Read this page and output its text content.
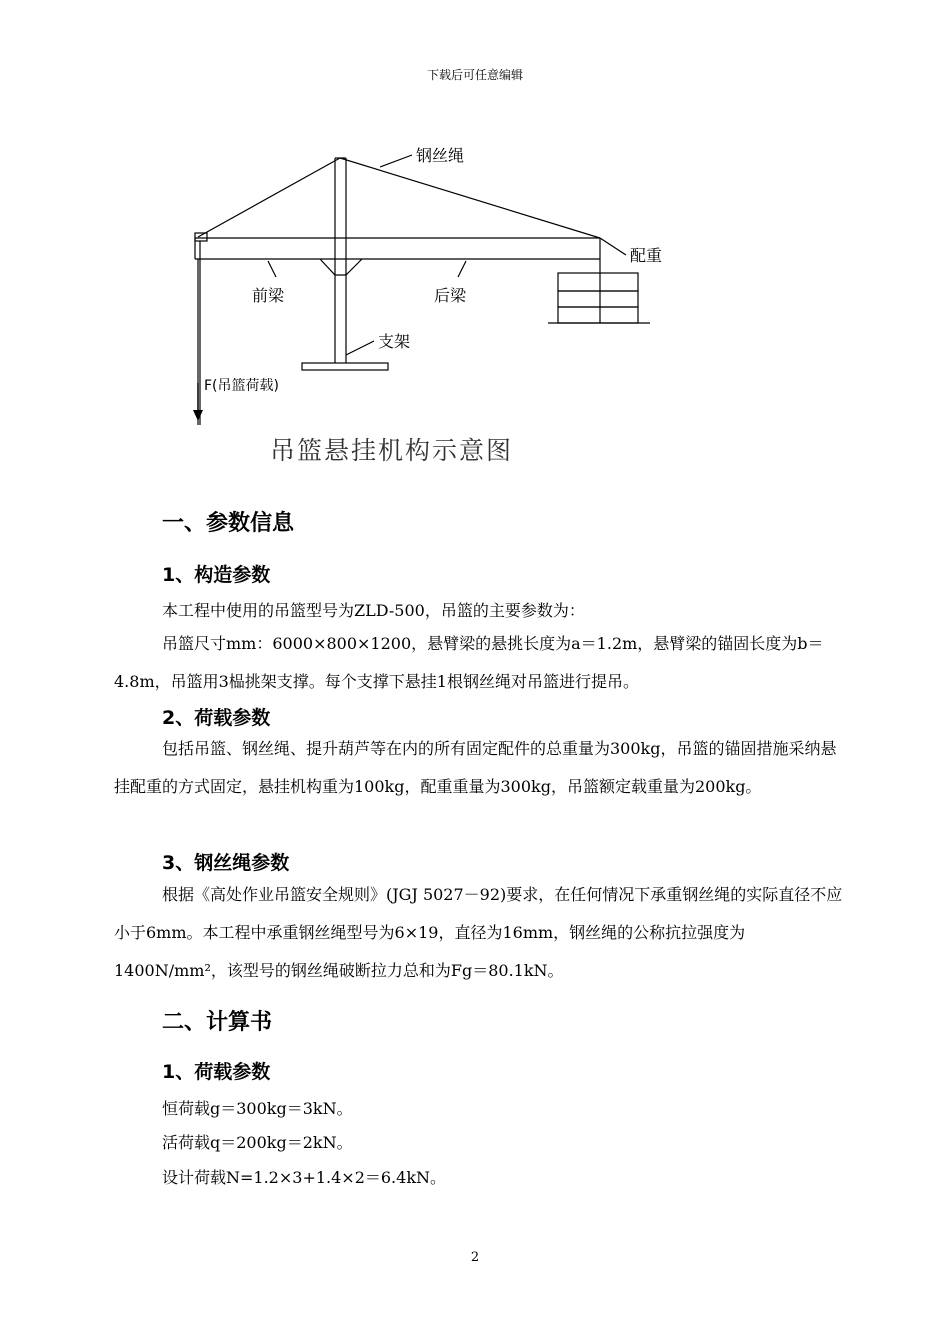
下载后可任意编辑
钢丝绳
配重
前梁	后梁
支架
F(吊篮荷载)
吊篮悬挂机构示意图
一、参数信息
1、构造参数
本工程中使用的吊篮型号为ZLD-500，吊篮的主要参数为：
吊篮尺寸mm：6000×800×1200，悬臂梁的悬挑长度为a＝1.2m，悬臂梁的锚固长度为b＝4.8m，吊篮用3榀挑架支撑。每个支撑下悬挂1根钢丝绳对吊篮进行提吊。
2、荷载参数
包括吊篮、钢丝绳、提升葫芦等在内的所有固定配件的总重量为300kg，吊篮的锚固措施采纳悬挂配重的方式固定，悬挂机构重为100kg，配重重量为300kg，吊篮额定载重量为200kg。
3、钢丝绳参数
根据《高处作业吊篮安全规则》(JGJ 5027－92)要求，在任何情况下承重钢丝绳的实际直径不应小于6mm。本工程中承重钢丝绳型号为6×19，直径为16mm，钢丝绳的公称抗拉强度为1400N/mm²，该型号的钢丝绳破断拉力总和为Fg＝80.1kN。
二、计算书
1、荷载参数
恒荷载g＝300kg＝3kN。
活荷载q＝200kg＝2kN。
设计荷载N=1.2×3+1.4×2＝6.4kN。
2
